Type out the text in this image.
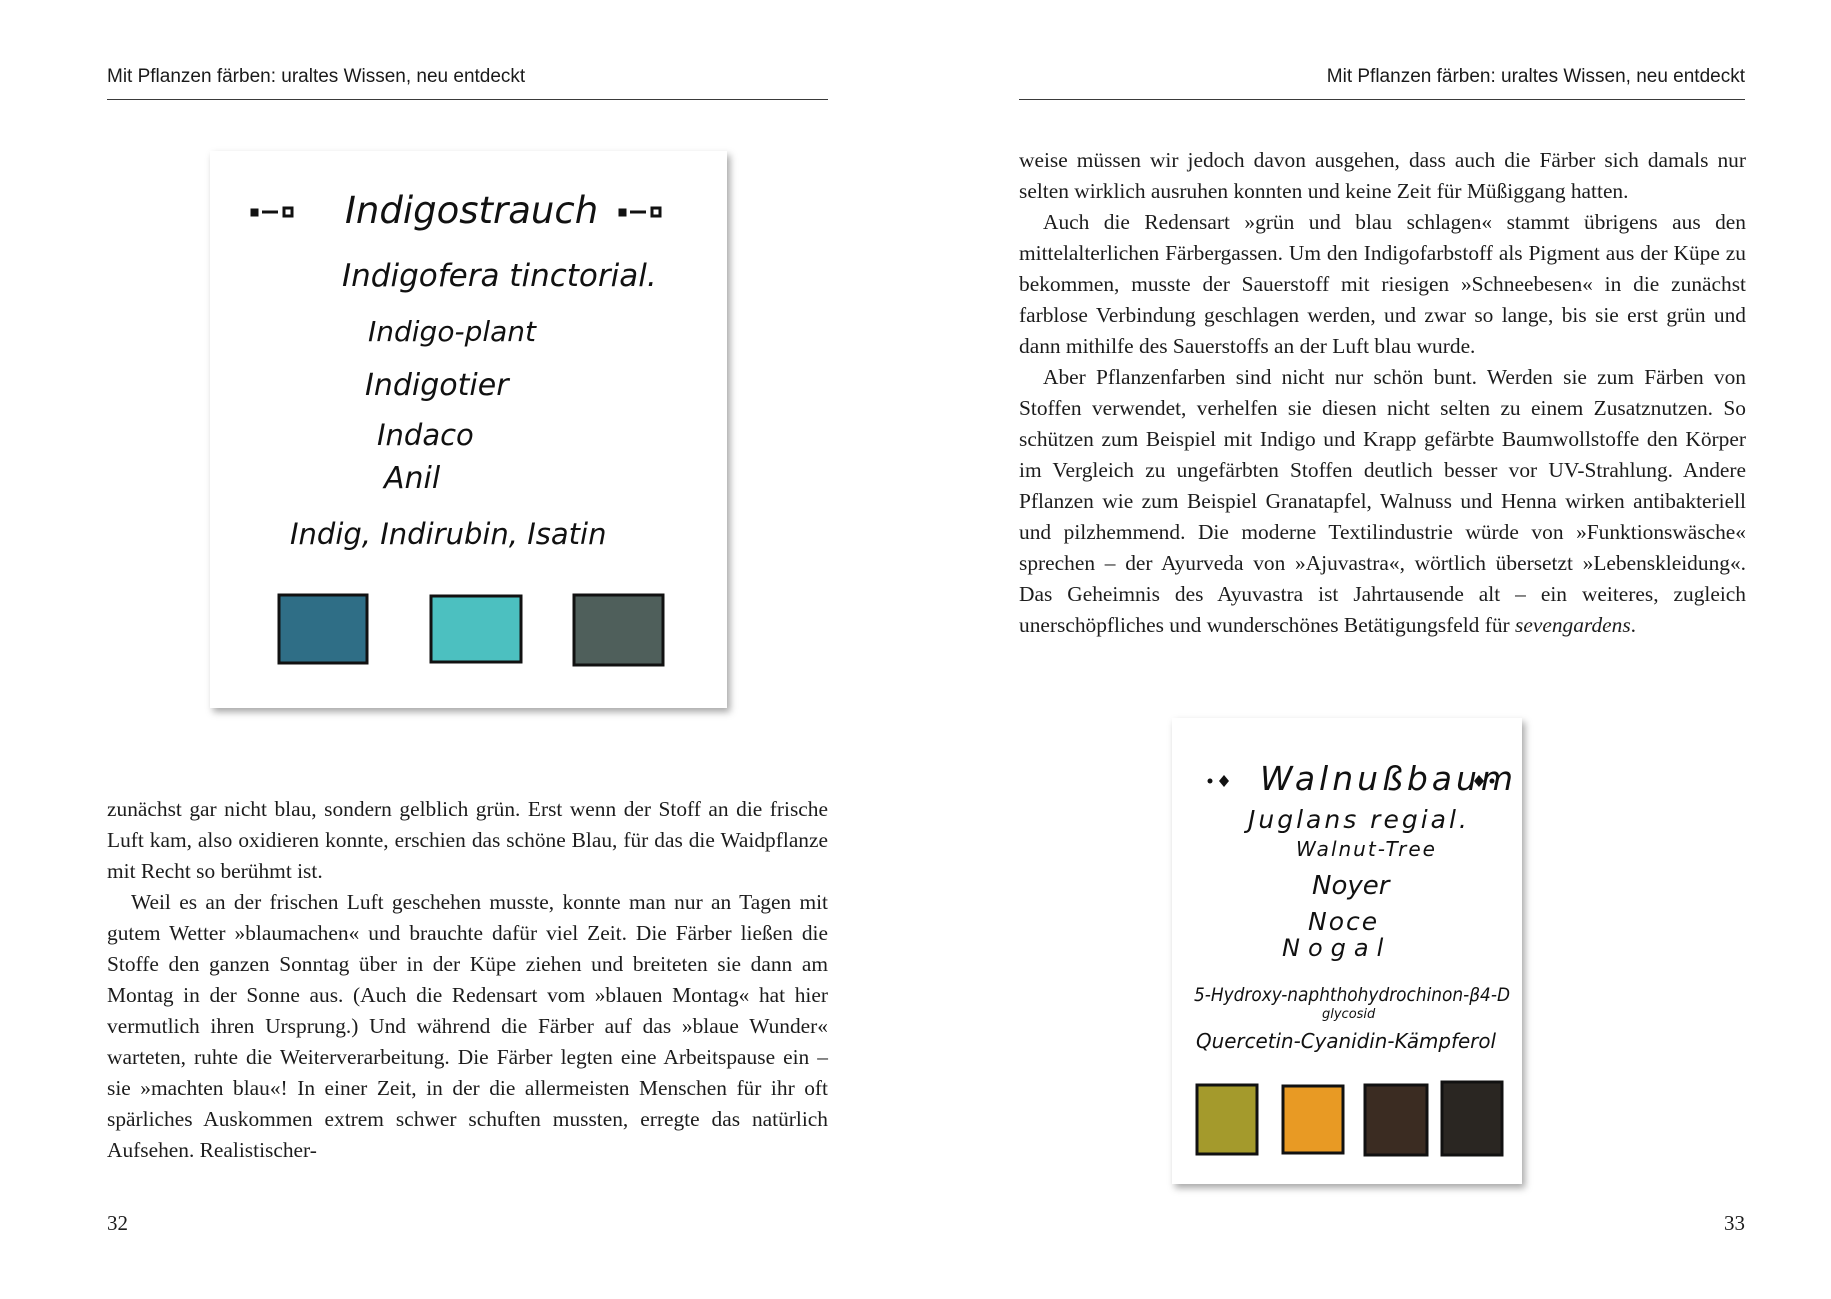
Mit Pflanzen färben: uraltes Wissen, neu entdeckt
Indigostrauch
Indigofera tinctorial.
Indigo-plant
Indigotier
Indaco
Anil
Indig, Indirubin, Isatin

zunächst gar nicht blau, sondern gelblich grün. Erst wenn der Stoff an die frische Luft kam, also oxidieren konnte, erschien das schöne Blau, für das die Waidpflanze mit Recht so berühmt ist.

Weil es an der frischen Luft geschehen musste, konnte man nur an Tagen mit gutem Wetter »blaumachen« und brauchte dafür viel Zeit. Die Färber ließen die Stoffe den ganzen Sonntag über in der Küpe ziehen und breiteten sie dann am Montag in der Sonne aus. (Auch die Redensart vom »blauen Montag« hat hier vermutlich ihren Ursprung.) Und während die Färber auf das »blaue Wunder« warteten, ruhte die Weiterverarbeitung. Die Färber legten eine Arbeitspause ein – sie »machten blau«! In einer Zeit, in der die allermeisten Menschen für ihr oft spärliches Auskommen extrem schwer schuften mussten, erregte das natürlich Aufsehen. Realistischer-

32
Mit Pflanzen färben: uraltes Wissen, neu entdeckt

weise müssen wir jedoch davon ausgehen, dass auch die Färber sich damals nur selten wirklich ausruhen konnten und keine Zeit für Müßiggang hatten.

Auch die Redensart »grün und blau schlagen« stammt übrigens aus den mittelalterlichen Färbergassen. Um den Indigofarbstoff als Pigment aus der Küpe zu bekommen, musste der Sauerstoff mit riesigen »Schneebesen« in die zunächst farblose Verbindung geschlagen werden, und zwar so lange, bis sie erst grün und dann mithilfe des Sauerstoffs an der Luft blau wurde.

Aber Pflanzenfarben sind nicht nur schön bunt. Werden sie zum Färben von Stoffen verwendet, verhelfen sie diesen nicht selten zu einem Zusatznutzen. So schützen zum Beispiel mit Indigo und Krapp gefärbte Baumwollstoffe den Körper im Vergleich zu ungefärbten Stoffen deutlich besser vor UV-Strahlung. Andere Pflanzen wie zum Beispiel Granatapfel, Walnuss und Henna wirken antibakteriell und pilzhemmend. Die moderne Textilindustrie würde von »Funktionswäsche« sprechen – der Ayurveda von »Ajuvastra«, wörtlich übersetzt »Lebenskleidung«. Das Geheimnis des Ayuvastra ist Jahrtausende alt – ein weiteres, zugleich unerschöpfliches und wunderschönes Betätigungsfeld für sevengardens.

Walnußbaum
Juglans regial.
Walnut-Tree
Noyer
Noce
Nogal
5-Hydroxy-naphthohydrochinon-β4-D
glycosid
Quercetin-Cyanidin-Kämpferol
33
